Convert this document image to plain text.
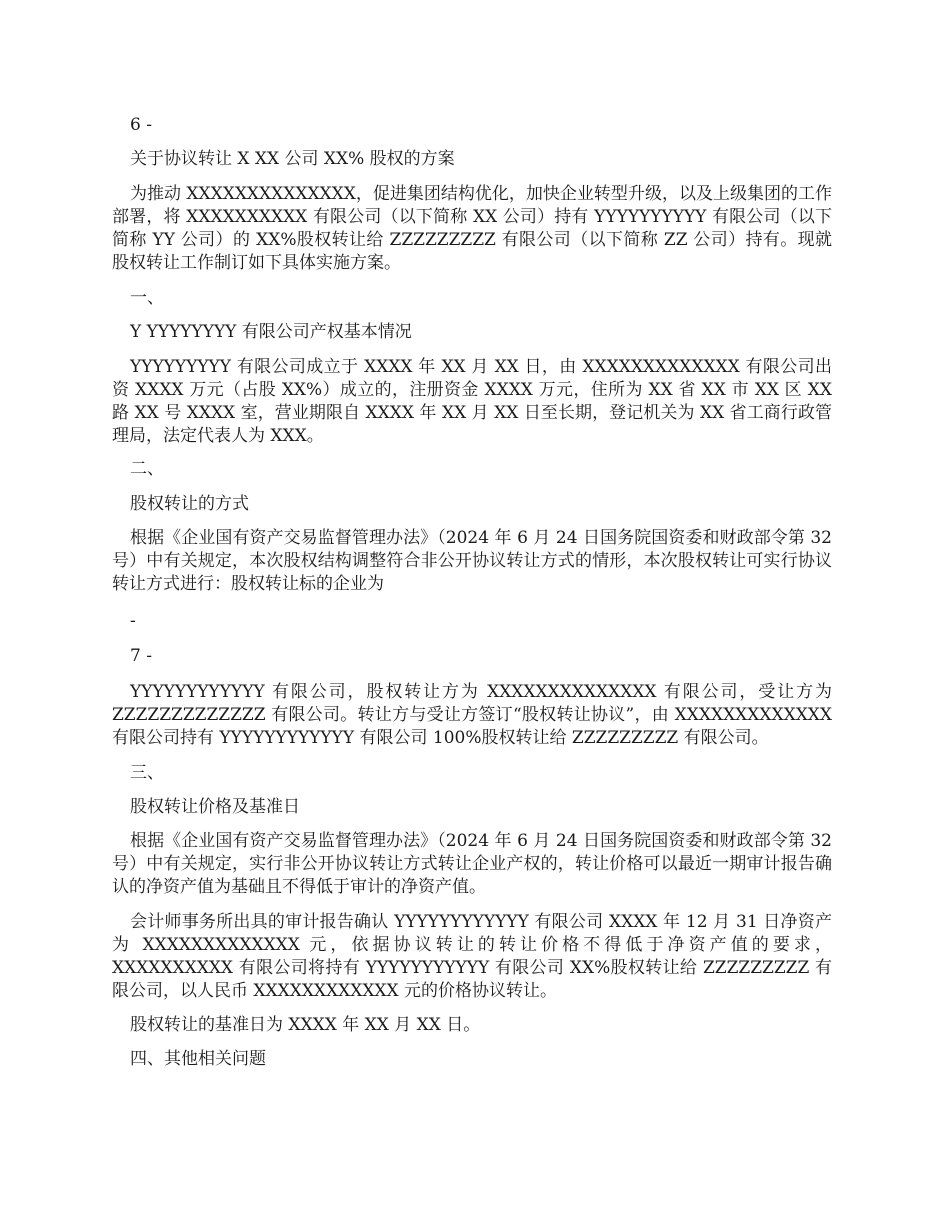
6 -

关于协议转让 X XX 公司 XX% 股权的方案

为推动 XXXXXXXXXXXXXX，促进集团结构优化，加快企业转型升级，以及上级集团的工作部署，将 XXXXXXXXXX 有限公司（以下简称 XX 公司）持有 YYYYYYYYYY 有限公司（以下简称 YY 公司）的 XX%股权转让给 ZZZZZZZZZ 有限公司（以下简称 ZZ 公司）持有。现就股权转让工作制订如下具体实施方案。

一、

Y YYYYYYYY 有限公司产权基本情况

YYYYYYYYY 有限公司成立于 XXXX 年 XX 月 XX 日，由 XXXXXXXXXXXXX 有限公司出资 XXXX 万元（占股 XX%）成立的，注册资金 XXXX 万元，住所为 XX 省 XX 市 XX 区 XX 路 XX 号 XXXX 室，营业期限自 XXXX 年 XX 月 XX 日至长期，登记机关为 XX 省工商行政管理局，法定代表人为 XXX。

二、

股权转让的方式

根据《企业国有资产交易监督管理办法》（2024 年 6 月 24 日国务院国资委和财政部令第 32 号）中有关规定，本次股权结构调整符合非公开协议转让方式的情形，本次股权转让可实行协议转让方式进行：股权转让标的企业为

-

7 -

YYYYYYYYYYYY 有限公司，股权转让方为 XXXXXXXXXXXXXX 有限公司，受让方为 ZZZZZZZZZZZZZ 有限公司。转让方与受让方签订“股权转让协议”，由 XXXXXXXXXXXXX 有限公司持有 YYYYYYYYYYYY 有限公司 100%股权转让给 ZZZZZZZZZ 有限公司。

三、

股权转让价格及基准日

根据《企业国有资产交易监督管理办法》（2024 年 6 月 24 日国务院国资委和财政部令第 32 号）中有关规定，实行非公开协议转让方式转让企业产权的，转让价格可以最近一期审计报告确认的净资产值为基础且不得低于审计的净资产值。

会计师事务所出具的审计报告确认 YYYYYYYYYYYY 有限公司 XXXX 年 12 月 31 日净资产为 XXXXXXXXXXXXX 元，依据协议转让的转让价格不得低于净资产值的要求，XXXXXXXXXX 有限公司将持有 YYYYYYYYYYY 有限公司 XX%股权转让给 ZZZZZZZZZ 有限公司，以人民币 XXXXXXXXXXXX 元的价格协议转让。

股权转让的基准日为 XXXX 年 XX 月 XX 日。

四、其他相关问题
